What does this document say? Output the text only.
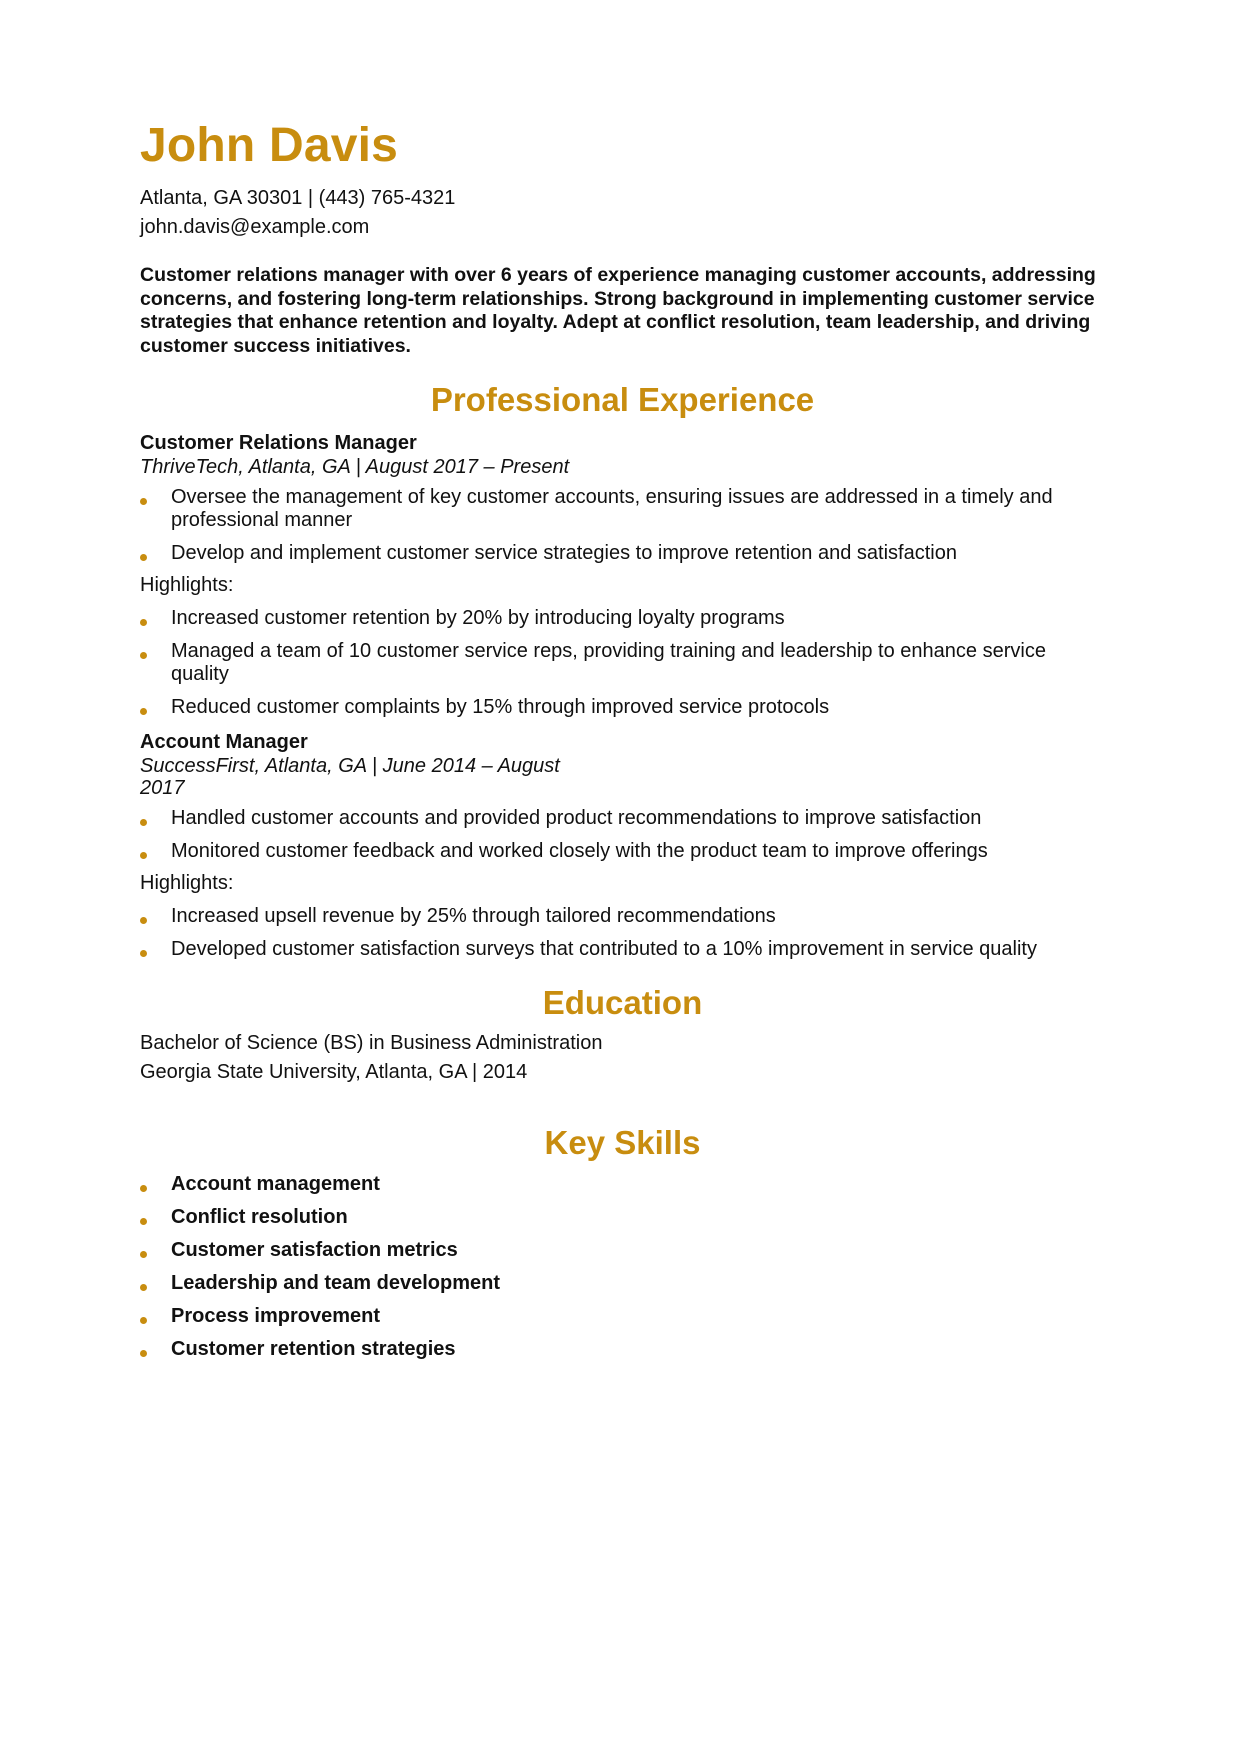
John Davis
Atlanta, GA 30301 | (443) 765-4321
john.davis@example.com
Customer relations manager with over 6 years of experience managing customer accounts, addressing concerns, and fostering long-term relationships. Strong background in implementing customer service strategies that enhance retention and loyalty. Adept at conflict resolution, team leadership, and driving customer success initiatives.
Professional Experience
Customer Relations Manager
ThriveTech, Atlanta, GA | August 2017 – Present
Oversee the management of key customer accounts, ensuring issues are addressed in a timely and professional manner
Develop and implement customer service strategies to improve retention and satisfaction
Highlights:
Increased customer retention by 20% by introducing loyalty programs
Managed a team of 10 customer service reps, providing training and leadership to enhance service quality
Reduced customer complaints by 15% through improved service protocols
Account Manager
SuccessFirst, Atlanta, GA | June 2014 – August 2017
Handled customer accounts and provided product recommendations to improve satisfaction
Monitored customer feedback and worked closely with the product team to improve offerings
Highlights:
Increased upsell revenue by 25% through tailored recommendations
Developed customer satisfaction surveys that contributed to a 10% improvement in service quality
Education
Bachelor of Science (BS) in Business Administration
Georgia State University, Atlanta, GA | 2014
Key Skills
Account management
Conflict resolution
Customer satisfaction metrics
Leadership and team development
Process improvement
Customer retention strategies
